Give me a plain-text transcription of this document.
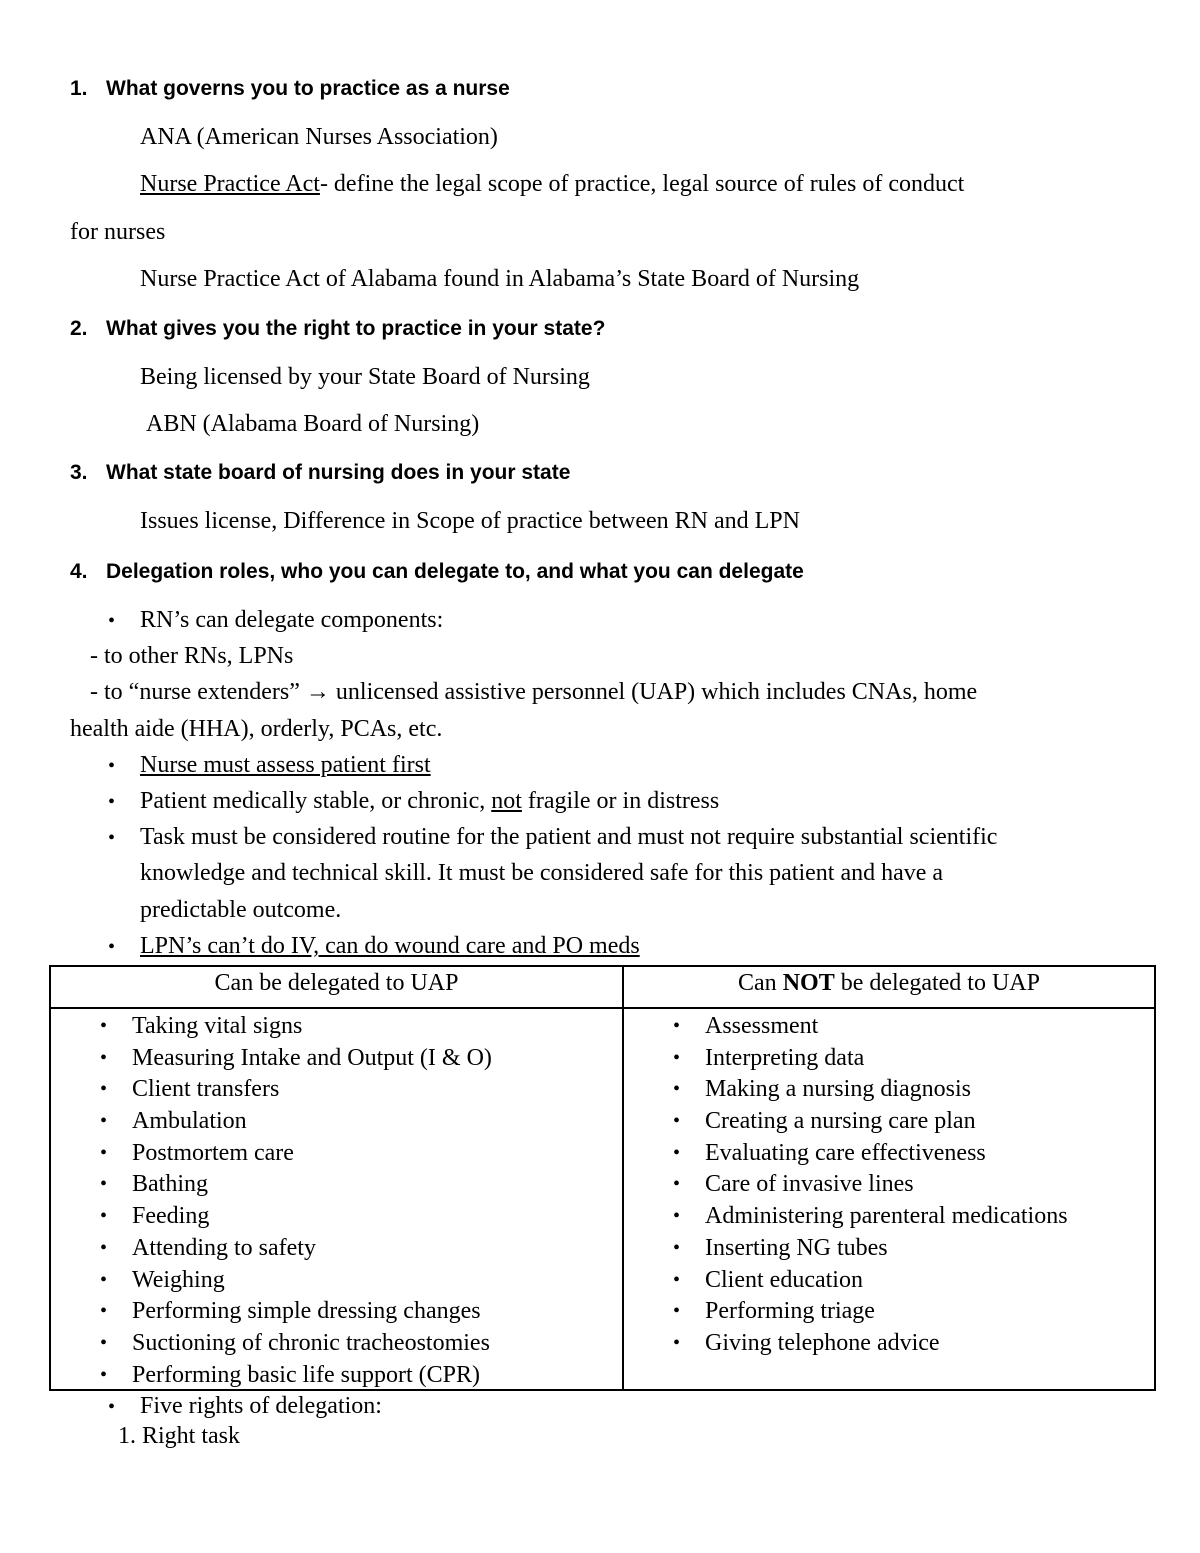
1. What governs you to practice as a nurse
ANA (American Nurses Association)
Nurse Practice Act- define the legal scope of practice, legal source of rules of conduct
for nurses
Nurse Practice Act of Alabama found in Alabama’s State Board of Nursing
2. What gives you the right to practice in your state?
Being licensed by your State Board of Nursing
ABN (Alabama Board of Nursing)
3. What state board of nursing does in your state
Issues license, Difference in Scope of practice between RN and LPN
4. Delegation roles, who you can delegate to, and what you can delegate
• RN’s can delegate components:
- to other RNs, LPNs
- to “nurse extenders” → unlicensed assistive personnel (UAP) which includes CNAs, home
health aide (HHA), orderly, PCAs, etc.
• Nurse must assess patient first
• Patient medically stable, or chronic, not fragile or in distress
• Task must be considered routine for the patient and must not require substantial scientific
knowledge and technical skill. It must be considered safe for this patient and have a
predictable outcome.
• LPN’s can’t do IV, can do wound care and PO meds
Can be delegated to UAP	Can NOT be delegated to UAP
• Taking vital signs
• Measuring Intake and Output (I & O)
• Client transfers
• Ambulation
• Postmortem care
• Bathing
• Feeding
• Attending to safety
• Weighing
• Performing simple dressing changes
• Suctioning of chronic tracheostomies
• Performing basic life support (CPR)
• Assessment
• Interpreting data
• Making a nursing diagnosis
• Creating a nursing care plan
• Evaluating care effectiveness
• Care of invasive lines
• Administering parenteral medications
• Inserting NG tubes
• Client education
• Performing triage
• Giving telephone advice
• Five rights of delegation:
1. Right task
